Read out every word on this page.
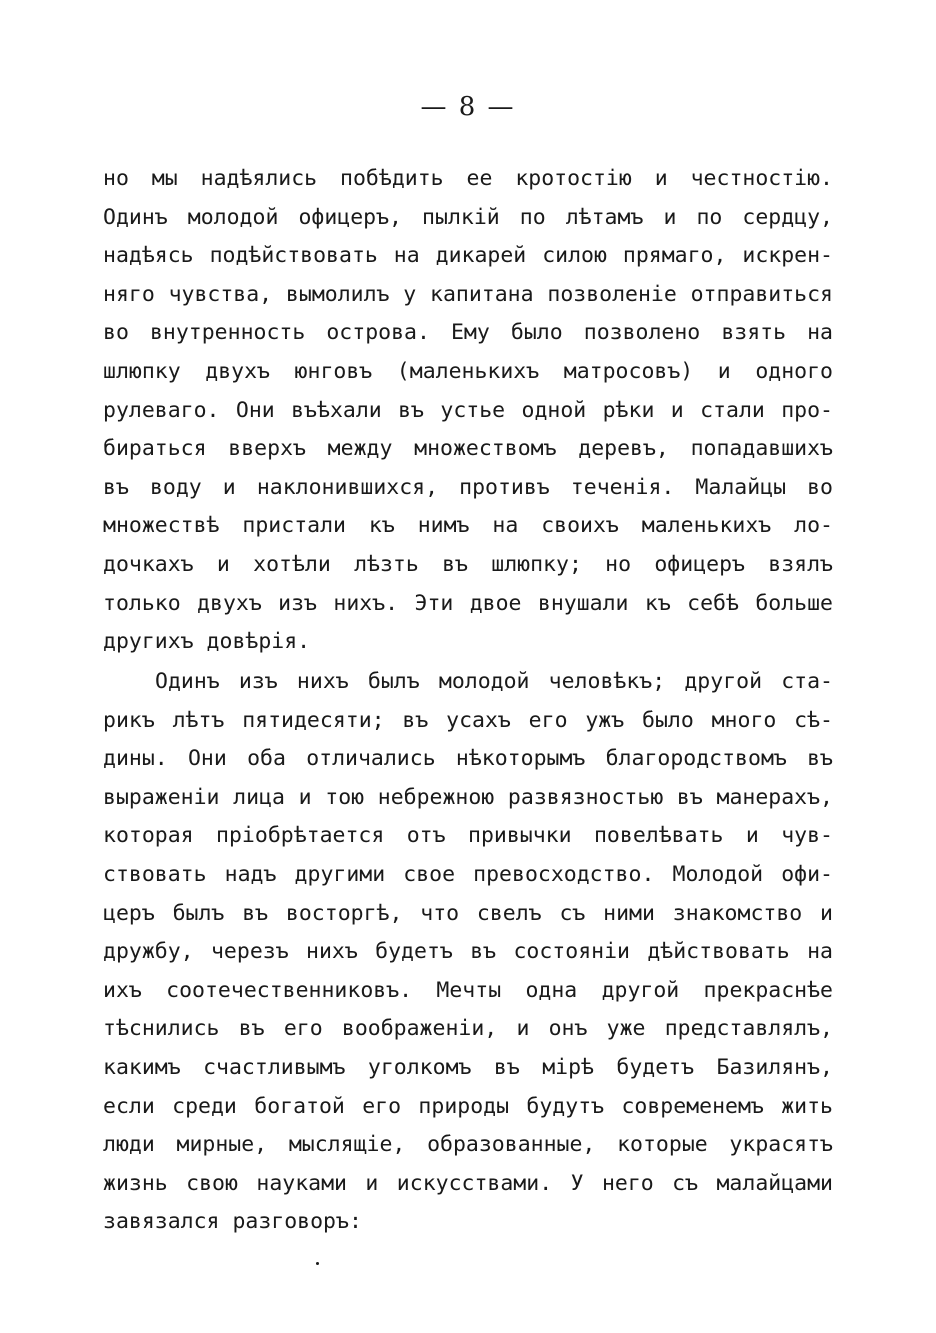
— 8 —
но мы надѣялись побѣдить ее кротостію и честностію.
Одинъ молодой офицеръ, пылкій по лѣтамъ и по сердцу,
надѣясь подѣйствовать на дикарей силою прямаго, искрен-
няго чувства, вымолилъ у капитана позволеніе отправиться
во внутренность острова. Ему было позволено взять на
шлюпку двухъ юнговъ (маленькихъ матросовъ) и одного
рулеваго. Они въѣхали въ устье одной рѣки и стали про-
бираться вверхъ между множествомъ деревъ, попадавшихъ
въ воду и наклонившихся, противъ теченія. Малайцы во
множествѣ пристали къ нимъ на своихъ маленькихъ ло-
дочкахъ и хотѣли лѣзть въ шлюпку; но офицеръ взялъ
только двухъ изъ нихъ. Эти двое внушали къ себѣ больше
другихъ довѣрія.
Одинъ изъ нихъ былъ молодой человѣкъ; другой ста-
рикъ лѣтъ пятидесяти; въ усахъ его ужъ было много сѣ-
дины. Они оба отличались нѣкоторымъ благородствомъ въ
выраженіи лица и тою небрежною развязностью въ манерахъ,
которая пріобрѣтается отъ привычки повелѣвать и чув-
ствовать надъ другими свое превосходство. Молодой офи-
церъ былъ въ восторгѣ, что свелъ съ ними знакомство и
дружбу, черезъ нихъ будетъ въ состояніи дѣйствовать на
ихъ соотечественниковъ. Мечты одна другой прекраснѣе
тѣснились въ его воображеніи, и онъ уже представлялъ,
какимъ счастливымъ уголкомъ въ мірѣ будетъ Базилянъ,
если среди богатой его природы будутъ современемъ жить
люди мирные, мыслящіе, образованные, которые украсятъ
жизнь свою науками и искусствами. У него съ малайцами
завязался разговоръ:
